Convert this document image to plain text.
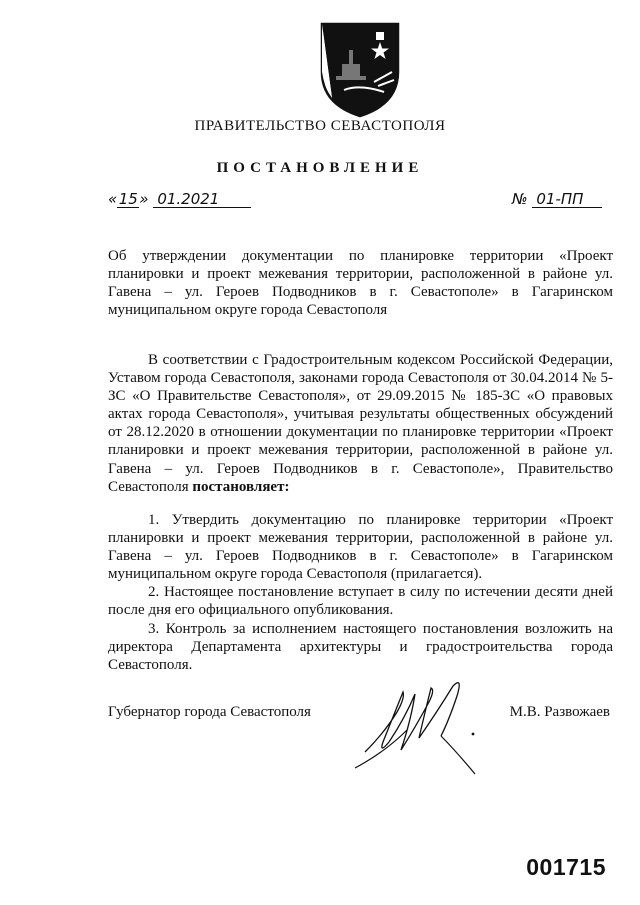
ПРАВИТЕЛЬСТВО СЕВАСТОПОЛЯ
ПОСТАНОВЛЕНИЕ
«15» 01.2021	№ 01-ПП
Об утверждении документации по планировке территории «Проект планировки и проект межевания территории, расположенной в районе ул. Гавена – ул. Героев Подводников в г. Севастополе» в Гагаринском муниципальном округе города Севастополя
В соответствии с Градостроительным кодексом Российской Федерации, Уставом города Севастополя, законами города Севастополя от 30.04.2014 № 5-ЗС «О Правительстве Севастополя», от 29.09.2015 № 185-ЗС «О правовых актах города Севастополя», учитывая результаты общественных обсуждений от 28.12.2020 в отношении документации по планировке территории «Проект планировки и проект межевания территории, расположенной в районе ул. Гавена – ул. Героев Подводников в г. Севастополе», Правительство Севастополя постановляет:
1. Утвердить документацию по планировке территории «Проект планировки и проект межевания территории, расположенной в районе ул. Гавена – ул. Героев Подводников в г. Севастополе» в Гагаринском муниципальном округе города Севастополя (прилагается).
2. Настоящее постановление вступает в силу по истечении десяти дней после дня его официального опубликования.
3. Контроль за исполнением настоящего постановления возложить на директора Департамента архитектуры и градостроительства города Севастополя.
Губернатор города Севастополя	М.В. Развожаев
001715
